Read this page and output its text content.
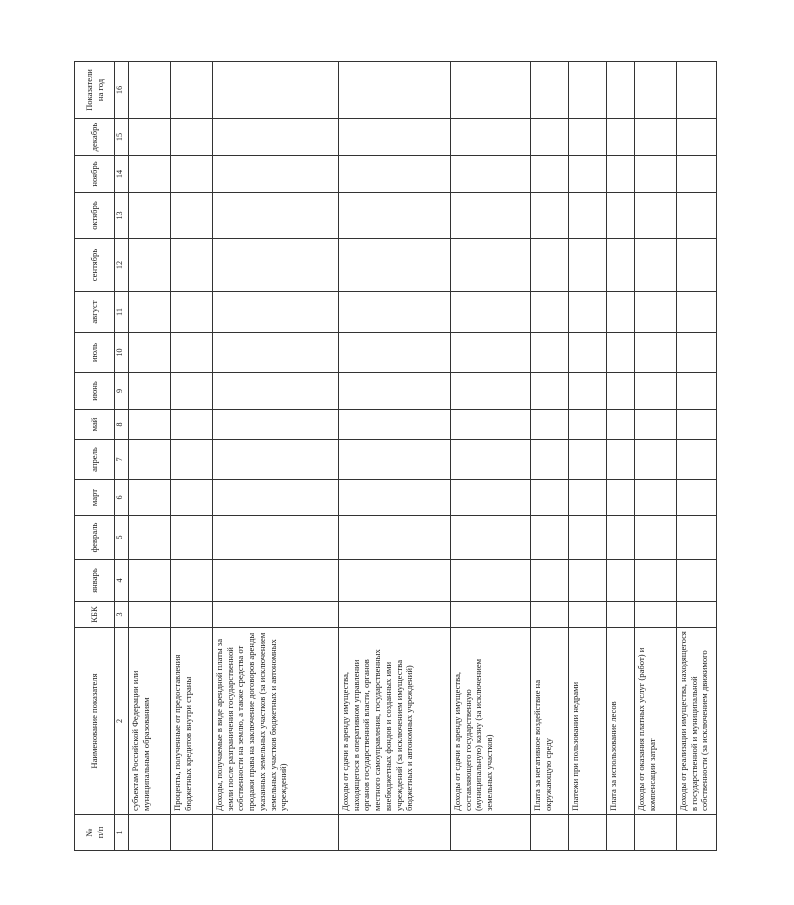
№
п/п	Наименование показателя	КБК	январь	февраль	март	апрель	май	июнь	июль	август	сентябрь	октябрь	ноябрь	декабрь	Показатели на год
1	2	3	4	5	6	7	8	9	10	11	12	13	14	15	16
	субъектам Российской Федерации или муниципальным образованиям														
	Проценты, полученные от предоставления бюджетных кредитов внутри страны														
	Доходы, получаемые в виде арендной платы за земли после разграничения государственной собственности на землю, а также средства от продажи права на заключение договоров аренды указанных земельных участков (за исключением земельных участков бюджетных и автономных учреждений)														
	Доходы от сдачи в аренду имущества, находящегося в оперативном управлении органов государственной власти, органов местного самоуправления, государственных внебюджетных фондов и созданных ими учреждений (за исключением имущества бюджетных и автономных учреждений)														
	Доходы от сдачи в аренду имущества, составляющего государственную (муниципальную) казну (за исключением земельных участков)														
	Плата за негативное воздействие на окружающую среду														
	Платежи при пользовании недрами														
	Плата за использование лесов														
	Доходы от оказания платных услуг (работ) и компенсации затрат														
	Доходы от реализации имущества, находящегося в государственной и муниципальной собственности (за исключением движимого														
